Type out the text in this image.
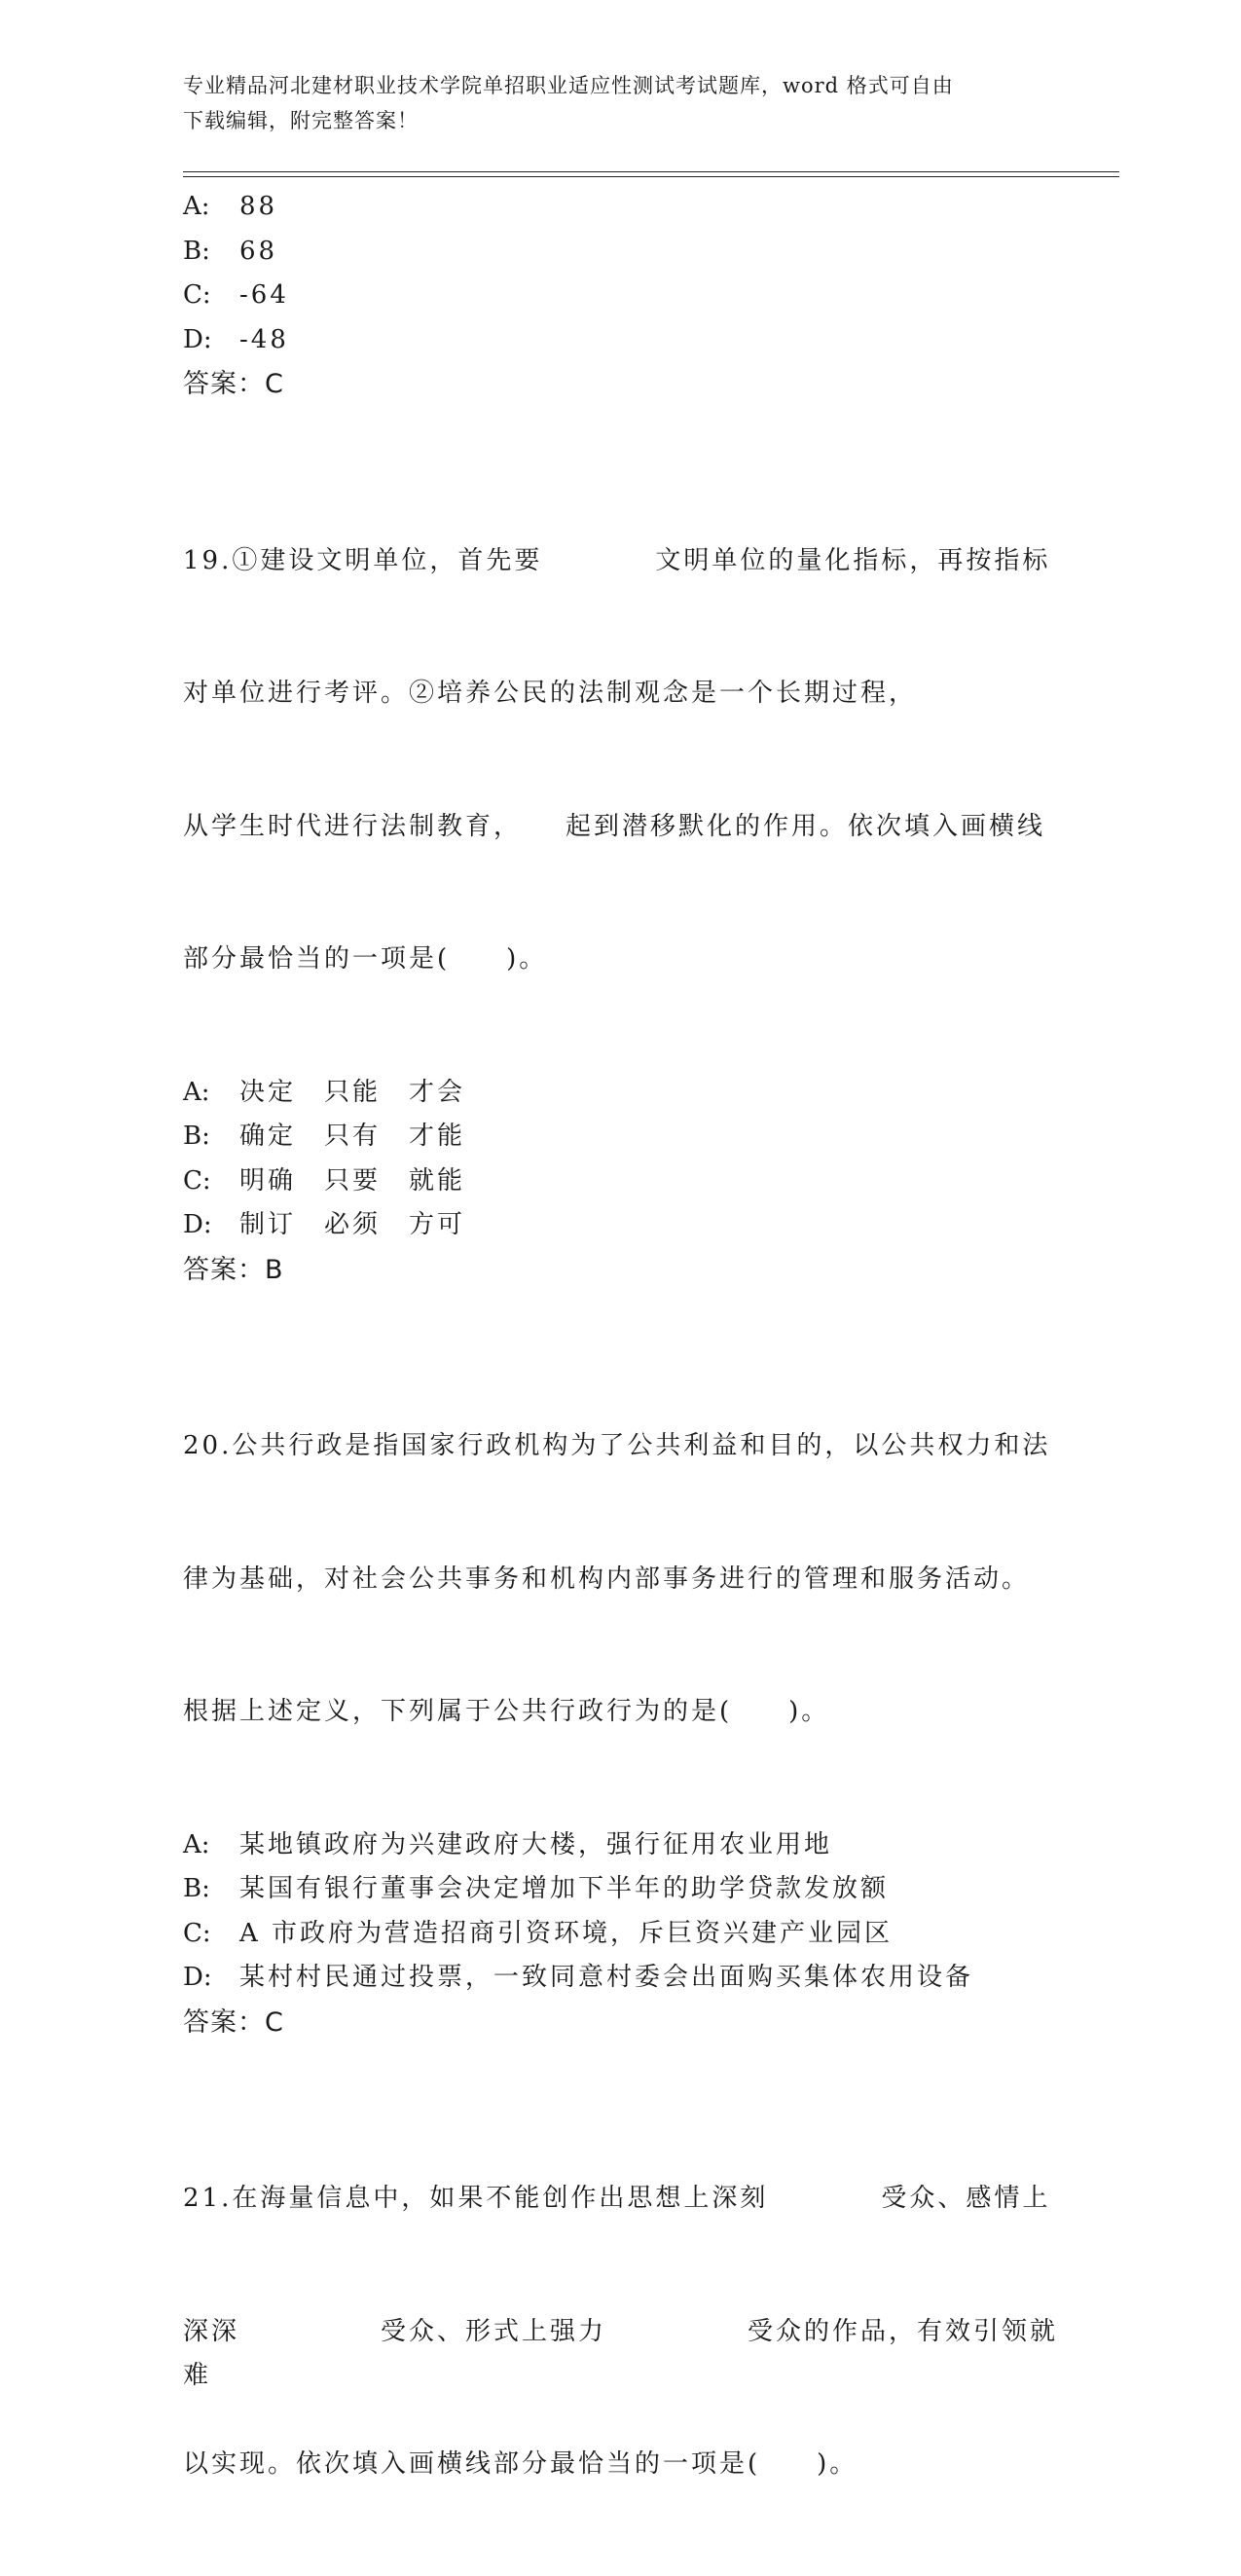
专业精品河北建材职业技术学院单招职业适应性测试考试题库，word 格式可自由
下载编辑，附完整答案！
A: 88
B: 68
C: -64
D: -48
答案：C

19.①建设文明单位，首先要　　　　文明单位的量化指标，再按指标

对单位进行考评。②培养公民的法制观念是一个长期过程，

从学生时代进行法制教育，　　起到潜移默化的作用。依次填入画横线

部分最恰当的一项是(　　)。

A: 决定　只能　才会
B: 确定　只有　才能
C: 明确　只要　就能
D: 制订　必须　方可
答案：B

20.公共行政是指国家行政机构为了公共利益和目的，以公共权力和法

律为基础，对社会公共事务和机构内部事务进行的管理和服务活动。

根据上述定义，下列属于公共行政行为的是(　　)。

A: 某地镇政府为兴建政府大楼，强行征用农业用地
B: 某国有银行董事会决定增加下半年的助学贷款发放额
C: A 市政府为营造招商引资环境，斥巨资兴建产业园区
D: 某村村民通过投票，一致同意村委会出面购买集体农用设备
答案：C

21.在海量信息中，如果不能创作出思想上深刻　　　　受众、感情上

深深　　　　　受众、形式上强力　　　　　受众的作品，有效引领就难

以实现。依次填入画横线部分最恰当的一项是(　　)。
